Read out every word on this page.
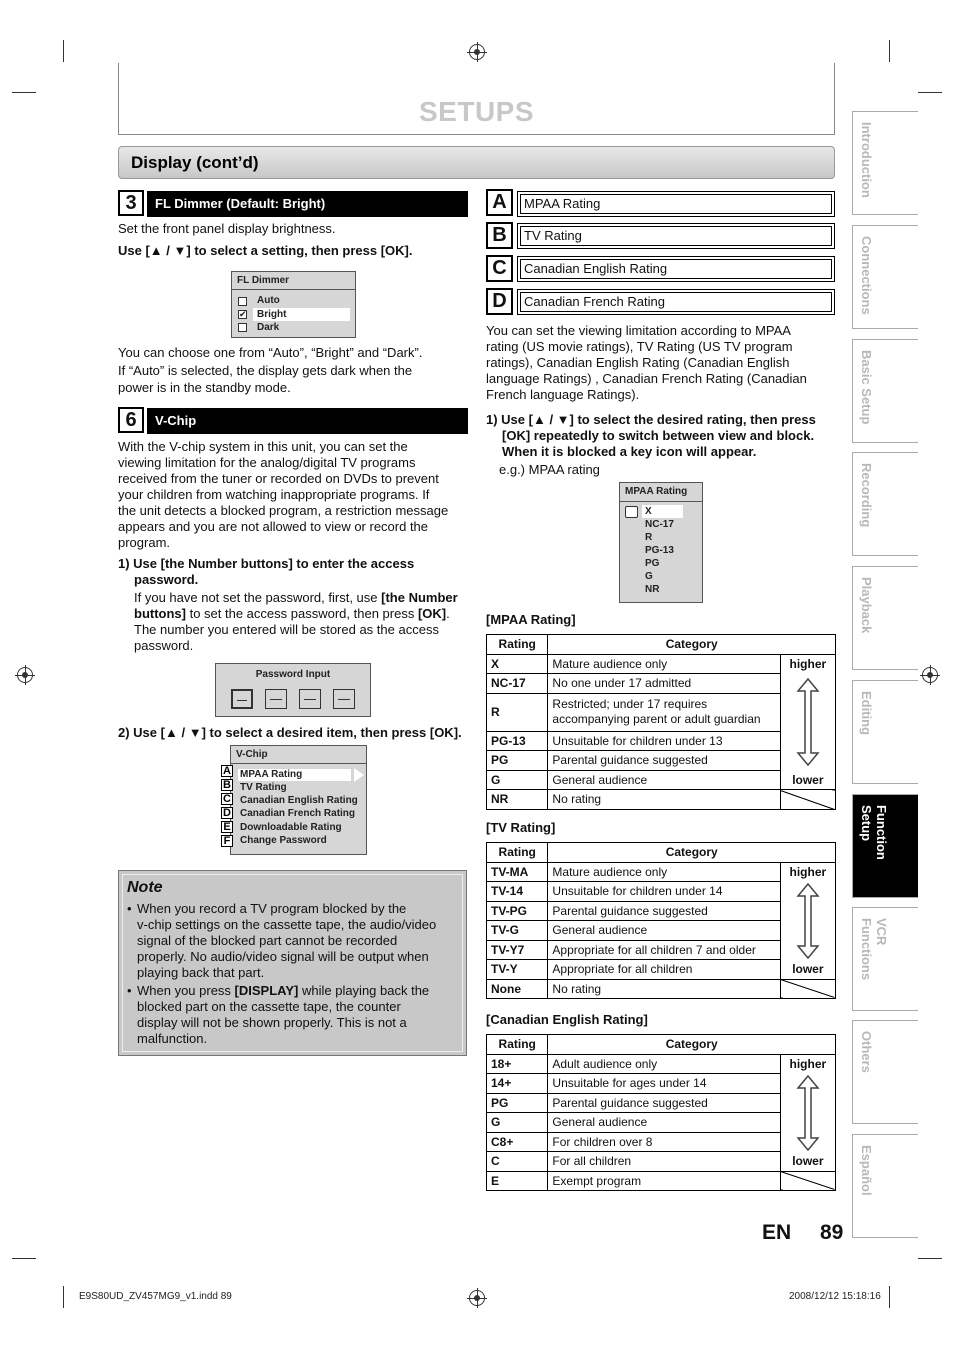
SETUPS
Display (cont’d)
3	FL Dimmer (Default: Bright)
Set the front panel display brightness.
Use [▲ / ▼] to select a setting, then press [OK].
FL Dimmer
Auto
✔ Bright
Dark
You can choose one from “Auto”, “Bright” and “Dark”.
If “Auto” is selected, the display gets dark when the
power is in the standby mode.
6	V-Chip
With the V-chip system in this unit, you can set the
viewing limitation for the analog/digital TV programs
received from the tuner or recorded on DVDs to prevent
your children from watching inappropriate programs. If
the unit detects a blocked program, a restriction message
appears and you are not allowed to view or record the
program.
1) Use [the Number buttons] to enter the access
password.
If you have not set the password, first, use [the Number
buttons] to set the access password, then press [OK].
The number you entered will be stored as the access
password.
Password Input
2) Use [▲ / ▼] to select a desired item, then press [OK].
V-Chip
MPAA Rating
TV Rating
Canadian English Rating
Canadian French Rating
Downloadable Rating
Change Password
A
B
C
D
E
F
Note
• When you record a TV program blocked by the
v-chip settings on the cassette tape, the audio/video
signal of the blocked part cannot be recorded
properly. No audio/video signal will be output when
playing back that part.
• When you press [DISPLAY] while playing back the
blocked part on the cassette tape, the counter
display will not be shown properly. This is not a
malfunction.
A	MPAA Rating
B	TV Rating
C	Canadian English Rating
D	Canadian French Rating
You can set the viewing limitation according to MPAA
rating (US movie ratings), TV Rating (US TV program
ratings), Canadian English Rating (Canadian English
language Ratings) , Canadian French Rating (Canadian
French language Ratings).
1) Use [▲ / ▼] to select the desired rating, then press
[OK] repeatedly to switch between view and block.
When it is blocked a key icon will appear.
e.g.) MPAA rating
MPAA Rating
X
NC-17
R
PG-13
PG
G
NR
[MPAA Rating]
Rating	Category	
X	Mature audience only	higher
NC-17	No one under 17 admitted	

R	Restricted; under 17 requires
accompanying parent or adult guardian	
PG-13	Unsuitable for children under 13	
PG	Parental guidance suggested	
G	General audience	lower
NR	No rating	
[TV Rating]
Rating	Category	
TV-MA	Mature audience only	higher
TV-14	Unsuitable for children under 14	

TV-PG	Parental guidance suggested	
TV-G	General audience	
TV-Y7	Appropriate for all children 7 and older	
TV-Y	Appropriate for all children	lower
None	No rating	
[Canadian English Rating]
Rating	Category	
18+	Adult audience only	higher
14+	Unsuitable for ages under 14	

PG	Parental guidance suggested	
G	General audience	
C8+	For children over 8	
C	For all children	lower
E	Exempt program	
Introduction
Connections
Basic Setup
Recording
Playback
Editing
Function Setup
VCR Functions
Others
Español
EN 89
E9S80UD_ZV457MG9_v1.indd 89	2008/12/12 15:18:16
